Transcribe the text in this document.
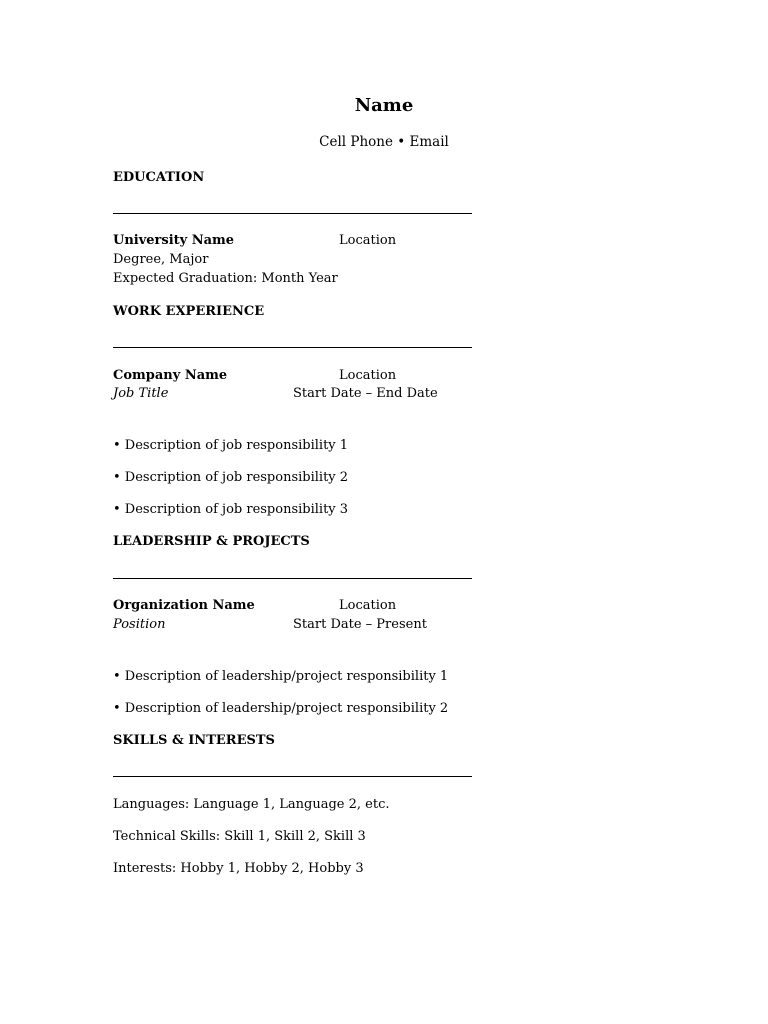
Name
Cell Phone • Email
EDUCATION
University Name	Location
Degree, Major
Expected Graduation: Month Year
WORK EXPERIENCE
Company Name	Location
Job Title	Start Date – End Date
• Description of job responsibility 1
• Description of job responsibility 2
• Description of job responsibility 3
LEADERSHIP & PROJECTS
Organization Name	Location
Position	Start Date – Present
• Description of leadership/project responsibility 1
• Description of leadership/project responsibility 2
SKILLS & INTERESTS
Languages: Language 1, Language 2, etc.
Technical Skills: Skill 1, Skill 2, Skill 3
Interests: Hobby 1, Hobby 2, Hobby 3
